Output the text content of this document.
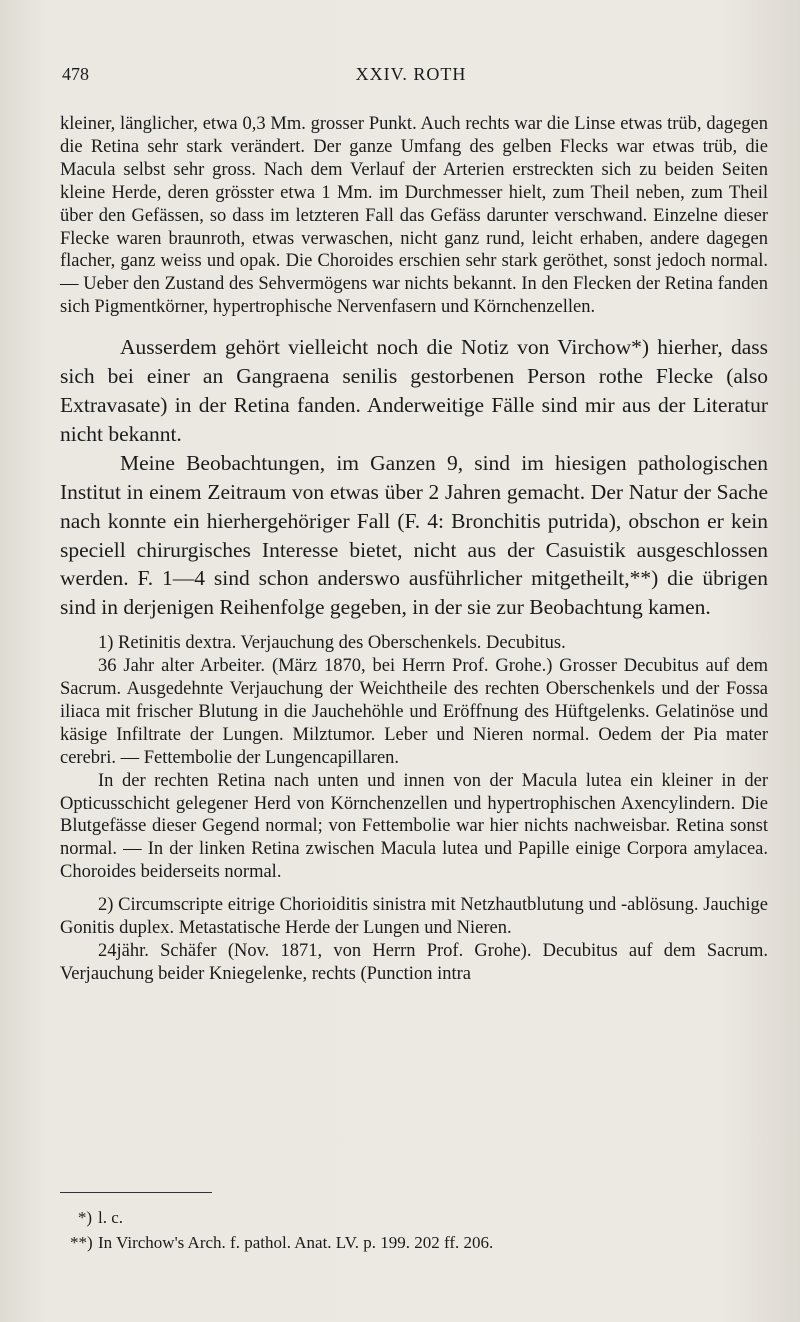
478	XXIV. ROTH

kleiner, länglicher, etwa 0,3 Mm. grosser Punkt. Auch rechts war die Linse etwas trüb, dagegen die Retina sehr stark verändert. Der ganze Umfang des gelben Flecks war etwas trüb, die Macula selbst sehr gross. Nach dem Verlauf der Arterien erstreckten sich zu beiden Seiten kleine Herde, deren grösster etwa 1 Mm. im Durchmesser hielt, zum Theil neben, zum Theil über den Gefässen, so dass im letzteren Fall das Gefäss darunter verschwand. Einzelne dieser Flecke waren braunroth, etwas verwaschen, nicht ganz rund, leicht erhaben, andere dagegen flacher, ganz weiss und opak. Die Choroides erschien sehr stark geröthet, sonst jedoch normal. — Ueber den Zustand des Sehvermögens war nichts bekannt. In den Flecken der Retina fanden sich Pigmentkörner, hypertrophische Nervenfasern und Körnchenzellen.

Ausserdem gehört vielleicht noch die Notiz von Virchow*) hierher, dass sich bei einer an Gangraena senilis gestorbenen Person rothe Flecke (also Extravasate) in der Retina fanden. Anderweitige Fälle sind mir aus der Literatur nicht bekannt.

Meine Beobachtungen, im Ganzen 9, sind im hiesigen pathologischen Institut in einem Zeitraum von etwas über 2 Jahren gemacht. Der Natur der Sache nach konnte ein hierhergehöriger Fall (F. 4: Bronchitis putrida), obschon er kein speciell chirurgisches Interesse bietet, nicht aus der Casuistik ausgeschlossen werden. F. 1—4 sind schon anderswo ausführlicher mitgetheilt,**) die übrigen sind in derjenigen Reihenfolge gegeben, in der sie zur Beobachtung kamen.

1) Retinitis dextra. Verjauchung des Oberschenkels. Decubitus.

36 Jahr alter Arbeiter. (März 1870, bei Herrn Prof. Grohe.) Grosser Decubitus auf dem Sacrum. Ausgedehnte Verjauchung der Weichtheile des rechten Oberschenkels und der Fossa iliaca mit frischer Blutung in die Jauchehöhle und Eröffnung des Hüftgelenks. Gelatinöse und käsige Infiltrate der Lungen. Milztumor. Leber und Nieren normal. Oedem der Pia mater cerebri. — Fettembolie der Lungencapillaren.

In der rechten Retina nach unten und innen von der Macula lutea ein kleiner in der Opticusschicht gelegener Herd von Körnchenzellen und hypertrophischen Axencylindern. Die Blutgefässe dieser Gegend normal; von Fettembolie war hier nichts nachweisbar. Retina sonst normal. — In der linken Retina zwischen Macula lutea und Papille einige Corpora amylacea. Choroides beiderseits normal.

2) Circumscripte eitrige Chorioiditis sinistra mit Netzhautblutung und -ablösung. Jauchige Gonitis duplex. Metastatische Herde der Lungen und Nieren.

24jähr. Schäfer (Nov. 1871, von Herrn Prof. Grohe). Decubitus auf dem Sacrum. Verjauchung beider Kniegelenke, rechts (Punction intra

*) l. c.

**) In Virchow's Arch. f. pathol. Anat. LV. p. 199. 202 ff. 206.
